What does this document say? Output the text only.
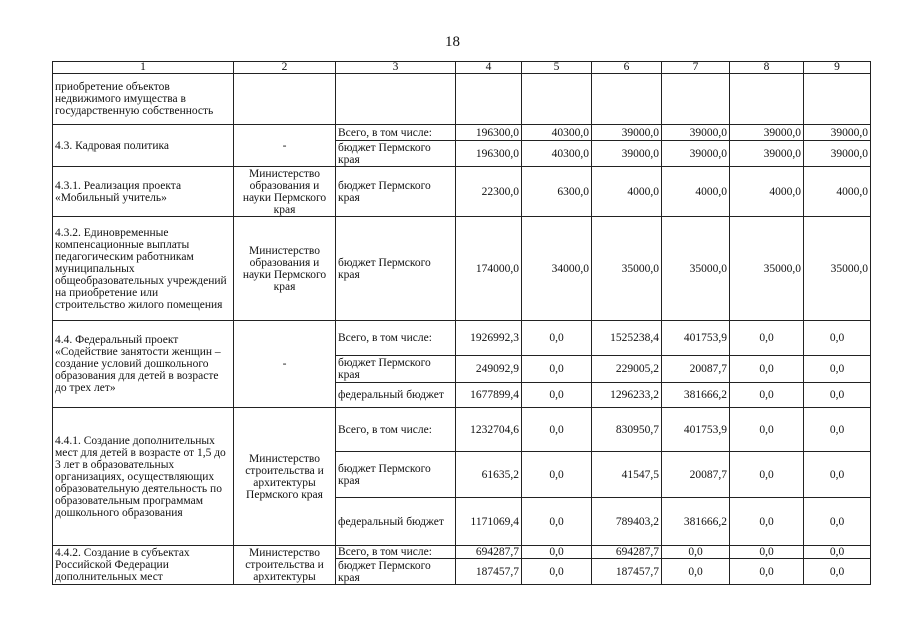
18
1	2	3	4	5	6	7	8	9
приобретение объектов недвижимого имущества в государственную собственность								
4.3. Кадровая политика	-	Всего, в том числе:	196300,0	40300,0	39000,0	39000,0	39000,0	39000,0
		бюджет Пермского края	196300,0	40300,0	39000,0	39000,0	39000,0	39000,0
4.3.1. Реализация проекта «Мобильный учитель»	Министерство образования и науки Пермского края	бюджет Пермского края	22300,0	6300,0	4000,0	4000,0	4000,0	4000,0
4.3.2. Единовременные компенсационные выплаты педагогическим работникам муниципальных общеобразовательных учреждений на приобретение или строительство жилого помещения	Министерство образования и науки Пермского края	бюджет Пермского края	174000,0	34000,0	35000,0	35000,0	35000,0	35000,0
4.4. Федеральный проект «Содействие занятости женщин – создание условий дошкольного образования для детей в возрасте до трех лет»	-	Всего, в том числе:	1926992,3	0,0	1525238,4	401753,9	0,0	0,0
		бюджет Пермского края	249092,9	0,0	229005,2	20087,7	0,0	0,0
		федеральный бюджет	1677899,4	0,0	1296233,2	381666,2	0,0	0,0
4.4.1. Создание дополнительных мест для детей в возрасте от 1,5 до 3 лет в образовательных организациях, осуществляющих образовательную деятельность по образовательным программам дошкольного образования	Министерство строительства и архитектуры Пермского края	Всего, в том числе:	1232704,6	0,0	830950,7	401753,9	0,0	0,0
		бюджет Пермского края	61635,2	0,0	41547,5	20087,7	0,0	0,0
		федеральный бюджет	1171069,4	0,0	789403,2	381666,2	0,0	0,0
4.4.2. Создание в субъектах Российской Федерации дополнительных мест	Министерство строительства и архитектуры	Всего, в том числе:	694287,7	0,0	694287,7	0,0	0,0	0,0
		бюджет Пермского края	187457,7	0,0	187457,7	0,0	0,0	0,0
